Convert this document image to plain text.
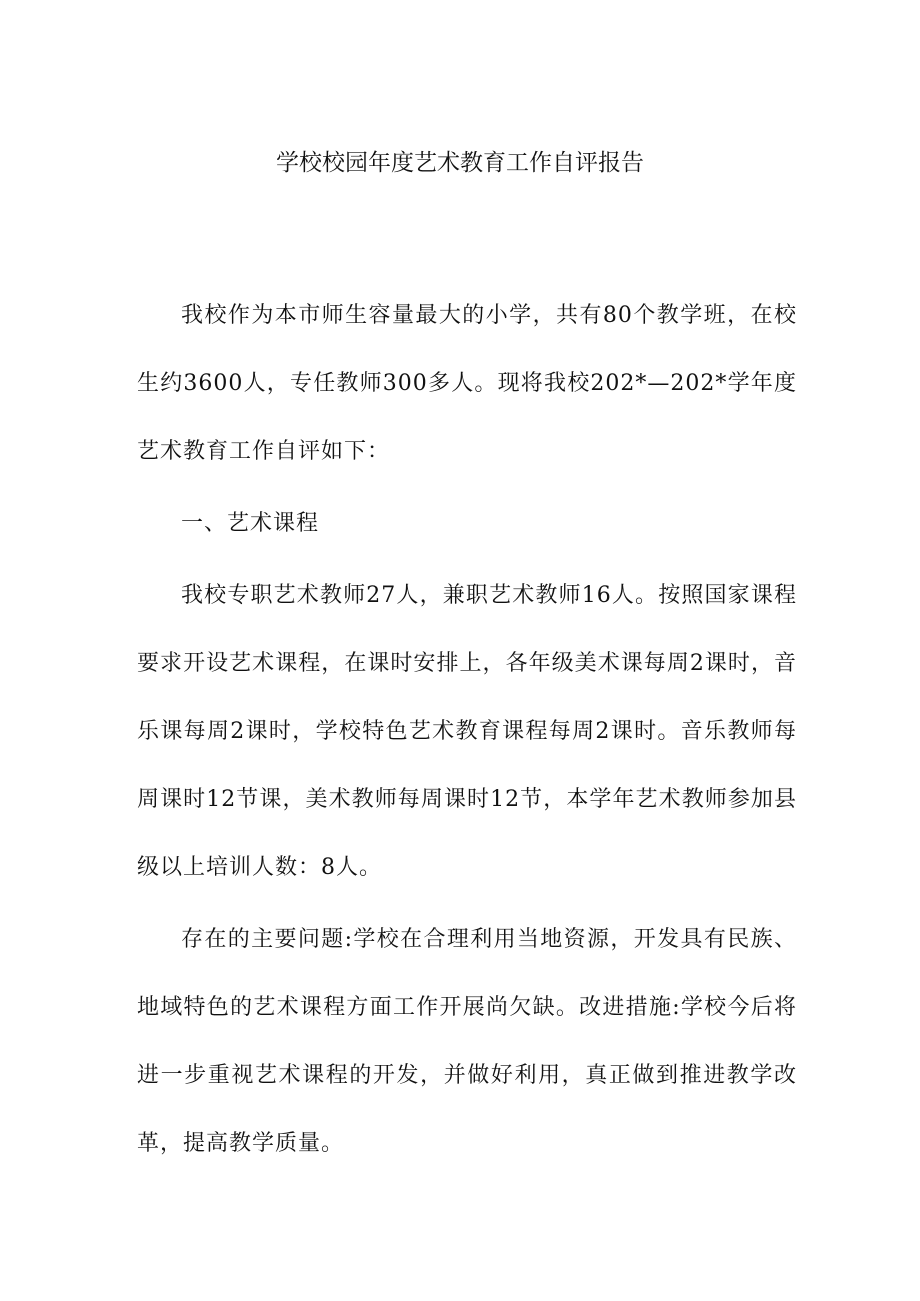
学校校园年度艺术教育工作自评报告

我校作为本市师生容量最大的小学，共有80个教学班，在校生约3600人，专任教师300多人。现将我校202*—202*学年度艺术教育工作自评如下：

一、艺术课程

我校专职艺术教师27人，兼职艺术教师16人。按照国家课程要求开设艺术课程，在课时安排上，各年级美术课每周2课时，音乐课每周2课时，学校特色艺术教育课程每周2课时。音乐教师每周课时12节课，美术教师每周课时12节，本学年艺术教师参加县级以上培训人数：8人。

存在的主要问题:学校在合理利用当地资源，开发具有民族、地域特色的艺术课程方面工作开展尚欠缺。改进措施:学校今后将进一步重视艺术课程的开发，并做好利用，真正做到推进教学改革，提高教学质量。
